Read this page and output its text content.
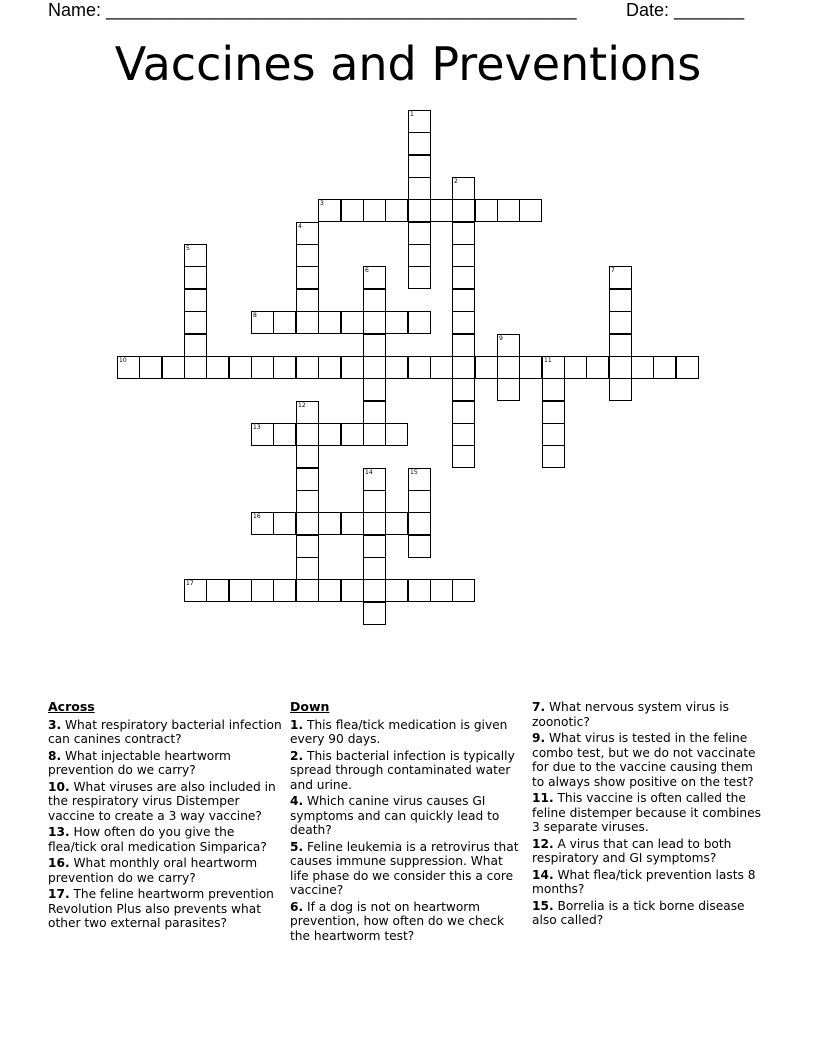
Name: _______________________________________________	Date: _______
Vaccines and Preventions
1
2
3
4
5
6	7
8
9
10	11
12
13
14	15
16
17
Across
3. What respiratory bacterial infection can canines contract?
8. What injectable heartworm prevention do we carry?
10. What viruses are also included in the respiratory virus Distemper vaccine to create a 3 way vaccine?
13. How often do you give the flea/tick oral medication Simparica?
16. What monthly oral heartworm prevention do we carry?
17. The feline heartworm prevention Revolution Plus also prevents what other two external parasites?
Down
1. This flea/tick medication is given every 90 days.
2. This bacterial infection is typically spread through contaminated water and urine.
4. Which canine virus causes GI symptoms and can quickly lead to death?
5. Feline leukemia is a retrovirus that causes immune suppression. What life phase do we consider this a core vaccine?
6. If a dog is not on heartworm prevention, how often do we check the heartworm test?
7. What nervous system virus is zoonotic?
9. What virus is tested in the feline combo test, but we do not vaccinate for due to the vaccine causing them to always show positive on the test?
11. This vaccine is often called the feline distemper because it combines 3 separate viruses.
12. A virus that can lead to both respiratory and GI symptoms?
14. What flea/tick prevention lasts 8 months?
15. Borrelia is a tick borne disease also called?
